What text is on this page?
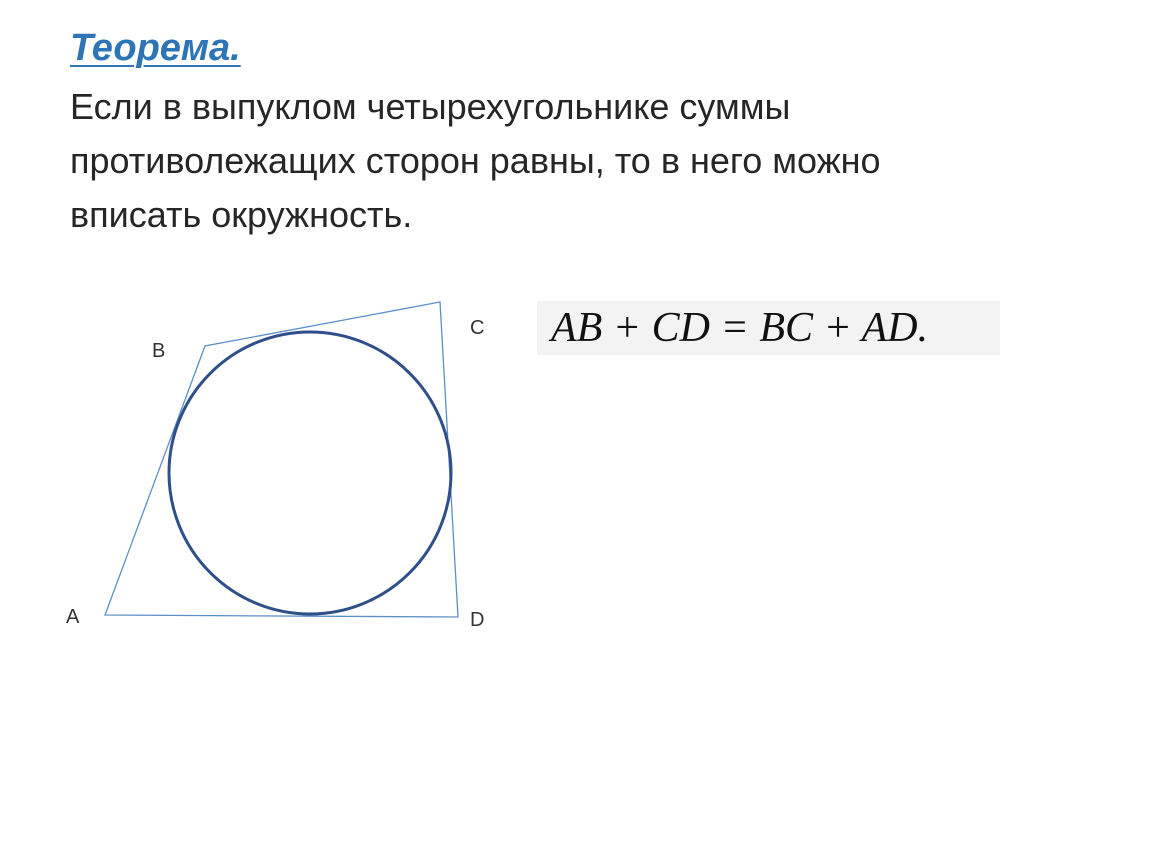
Теорема.

Если в выпуклом четырехугольнике суммы
противолежащих сторон равны, то в него можно
вписать окружность.

A
B
C
D
AB + CD = BC + AD.
